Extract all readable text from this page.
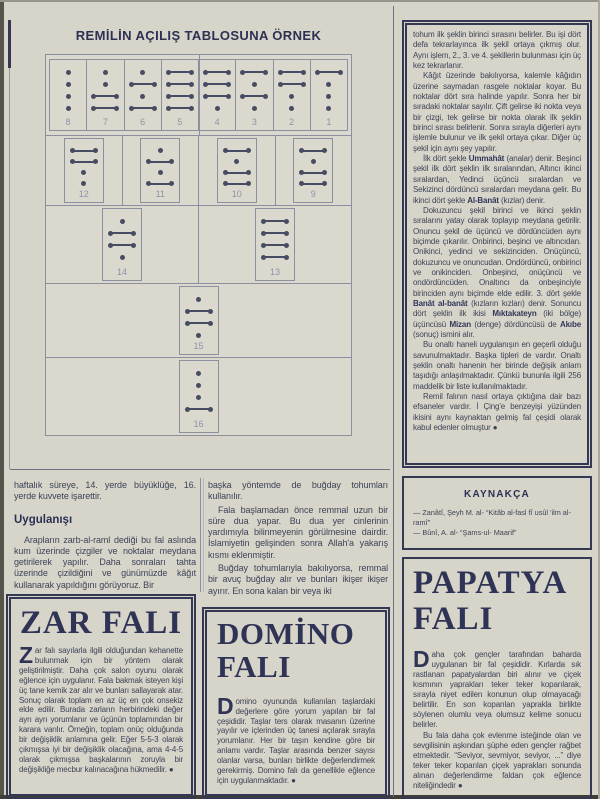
REMİLİN AÇILIŞ TABLOSUNA ÖRNEK
8	7	6	5	4	3	2	1
12	11	10	9
14	13
15
16

haftalık süreye, 14. yerde büyüklüğe, 16. yerde kuvvete işarettir.

Uygulanışı

Arapların zarb-al-raml dediği bu fal aslında kum üzerinde çizgiler ve noktalar meydana getirilerek yapılır. Daha sonraları tahta üzerinde çizildiğini ve günümüzde kâğıt kullanarak yapıldığını görüyoruz. Bir

başka yöntemde de buğday tohumları kullanılır.

Fala başlamadan önce remmal uzun bir süre dua yapar. Bu dua yer cinlerinin yardımıyla bilinmeyenin görülmesine dairdir. İslamiyetin gelişinden sonra Allah'a yakarış kısmı eklenmiştir.

Buğday tohumlarıyla bakılıyorsa, remmal bir avuç buğday alır ve bunları ikişer ikişer ayırır. En sona kalan bir veya iki

ZAR FALI

Zar falı sayılarla ilgili olduğundan kehanette bulunmak için bir yöntem olarak geliştirilmiştir. Daha çok salon oyunu olarak eğlence için uygulanır. Fala bakmak isteyen kişi üç tane kemik zar alır ve bunları sallayarak atar. Sonuç olarak toplam en az üç en çok onsekiz elde edilir. Burada zarların herbirindeki değer ayrı ayrı yorumlanır ve üçünün toplamından bir karara varılır. Örneğin, toplam onüç olduğunda bir değişiklik anlamına gelir. Eğer 5-5-3 olarak çıkmışsa iyi bir değişiklik olacağına, ama 4-4-5 olarak çıkmışsa başkalarının zoruyla bir değişikliğe mecbur kalınacağına hükmedilir. ●

DOMİNO
FALI

Domino oyununda kullanılan taşlardaki değerlere göre yorum yapılan bir fal çeşididir. Taşlar ters olarak masanın üzerine yayılır ve içlerinden üç tanesi açılarak sırayla yorumlanır. Her bir taşın kendine göre bir anlamı vardır. Taşlar arasında benzer sayısı olanlar varsa, bunları birlikte değerlendirmek gerekirmiş. Domino falı da genellikle eğlence için uygulanmaktadır. ●

tohum ilk şeklin birinci sırasını belirler. Bu işi dört defa tekrarlayınca ilk şekil ortaya çıkmış olur. Aynı işlem, 2., 3. ve 4. şekillerin bulunması için üç kez tekrarlanır.

Kâğıt üzerinde bakılıyorsa, kalemle kâğıdın üzerine saymadan rasgele noktalar koyar. Bu noktalar dört sıra halinde yapılır. Sonra her bir sıradaki noktalar sayılır. Çift gelirse iki nokta veya bir çizgi, tek gelirse bir nokta olarak ilk şeklin birinci sırası belirlenir. Sonra sırayla diğerleri aynı işlemle bulunur ve ilk şekil ortaya çıkar. Diğer üç şekil için aynı şey yapılır.

İlk dört şekle Ummahât (analar) denir. Beşinci şekil ilk dört şeklin ilk sıralarından, Altıncı ikinci sıralardan, Yedinci üçüncü sıralardan ve Sekizinci dördüncü sıralardan meydana gelir. Bu ikinci dört şekle Al-Banât (kızlar) denir.

Dokuzuncu şekil birinci ve ikinci şeklin sıralarını yatay olarak toplayıp meydana getirilir. Onuncu şekil de üçüncü ve dördüncüden aynı biçimde çıkarılır. Onbirinci, beşinci ve altıncıdan. Onikinci, yedinci ve sekizinciden. Onüçüncü, dokuzuncu ve onuncudan. Ondördüncü, onbirinci ve onikinciden. Onbeşinci, onüçüncü ve ondördüncüden. Onaltıncı da onbeşinciyle birinciden aynı biçimde elde edilir. 3. dört şekle Banât al-banât (kızların kızları) denir. Sonuncu dört şeklin ilk ikisi Mıktakateyn (iki bölge) üçüncüsü Mizan (denge) dördüncüsü de Akıbe (sonuç) ismini alır.

Bu onaltı haneli uygulanışın en geçerli olduğu savunulmaktadır. Başka tipleri de vardır. Onaltı şeklin onaltı hanenin her birinde değişik anlam taşıdığı anlaşılmaktadır. Çünkü bununla ilgili 256 maddelik bir liste kullanılmaktadır.

Remil falının nasıl ortaya çıktığına dair bazı efsaneler vardır. İ Çing'e benzeyişi yüzünden ikisini aynı kaynaktan gelmiş fal çeşidi olarak kabul edenler olmuştur ●

KAYNAKÇA
— Zanâtî, Şeyh M. al- “Kitâb al-fasl fî usûl 'ilm al-ramî”
— Bûnî, A. al- “Şams-ul- Maarif”
PAPATYA
FALI

Daha çok gençler tarafından baharda uygulanan bir fal çeşididir. Kırlarda sık rastlanan papatyalardan biri alınır ve çiçek kısmının yaprakları teker teker koparılarak, sırayla niyet edilen konunun olup olmayacağı belirtilir. En son koparılan yaprakla birlikte söylenen olumlu veya olumsuz kelime sonucu belirler.

Bu fala daha çok evlenme isteğinde olan ve sevgilisinin aşkından şüphe eden gençler rağbet etmektedir. “Seviyor, sevmiyor, seviyor, ...” diye teker teker koparılan çiçek yaprakları sonunda alınan değerlendirme faldan çok eğlence niteliğindedir ●
